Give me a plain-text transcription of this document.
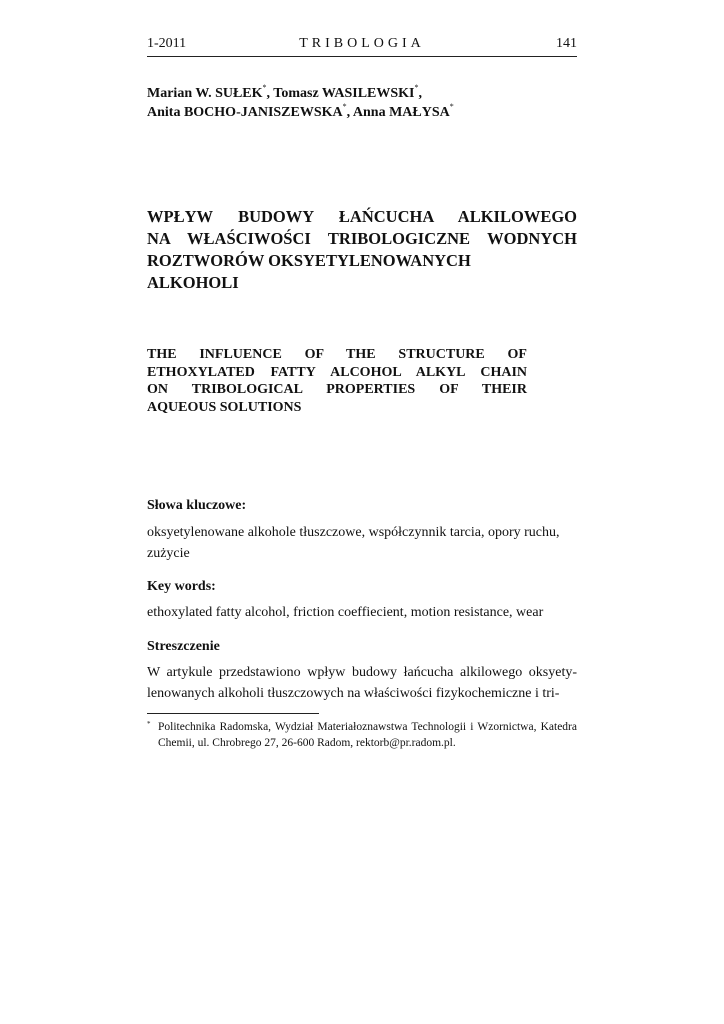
1-2011	TRIBOLOGIA	141
Marian W. SUŁEK*, Tomasz WASILEWSKI*,
Anita BOCHO-JANISZEWSKA*, Anna MAŁYSA*
WPŁYW BUDOWY ŁAŃCUCHA ALKILOWEGO
NA WŁAŚCIWOŚCI TRIBOLOGICZNE WODNYCH
ROZTWORÓW OKSYETYLENOWANYCH
ALKOHOLI
THE INFLUENCE OF THE STRUCTURE OF
ETHOXYLATED FATTY ALCOHOL ALKYL CHAIN
ON TRIBOLOGICAL PROPERTIES OF THEIR
AQUEOUS SOLUTIONS
Słowa kluczowe:
oksyetylenowane alkohole tłuszczowe, współczynnik tarcia, opory ruchu, zużycie
Key words:
ethoxylated fatty alcohol, friction coeffiecient, motion resistance, wear
Streszczenie
W artykule przedstawiono wpływ budowy łańcucha alkilowego oksyety-lenowanych alkoholi tłuszczowych na właściwości fizykochemiczne i tri-
* Politechnika Radomska, Wydział Materiałoznawstwa Technologii i Wzornictwa, Katedra Chemii, ul. Chrobrego 27, 26-600 Radom, rektorb@pr.radom.pl.
